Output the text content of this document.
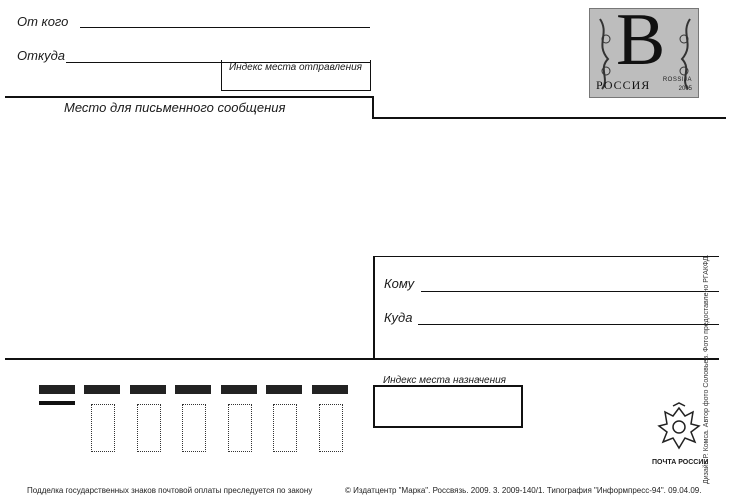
От кого
Откуда
Индекс места отправления
Место для письменного сообщения
В
ROSSIJA
2005
РОССИЯ
Кому
Куда
Индекс места назначения
ПОЧТА РОССИИ
Подделка государственных знаков почтовой оплаты преследуется по закону	© Издатцентр "Марка". Россвязь. 2009. 3. 2009-140/1. Типография "Информпресс-94". 09.04.09.
Дизайн Р. Комса. Автор фото Соловьев. Фото предоставлено РГАКФД.
